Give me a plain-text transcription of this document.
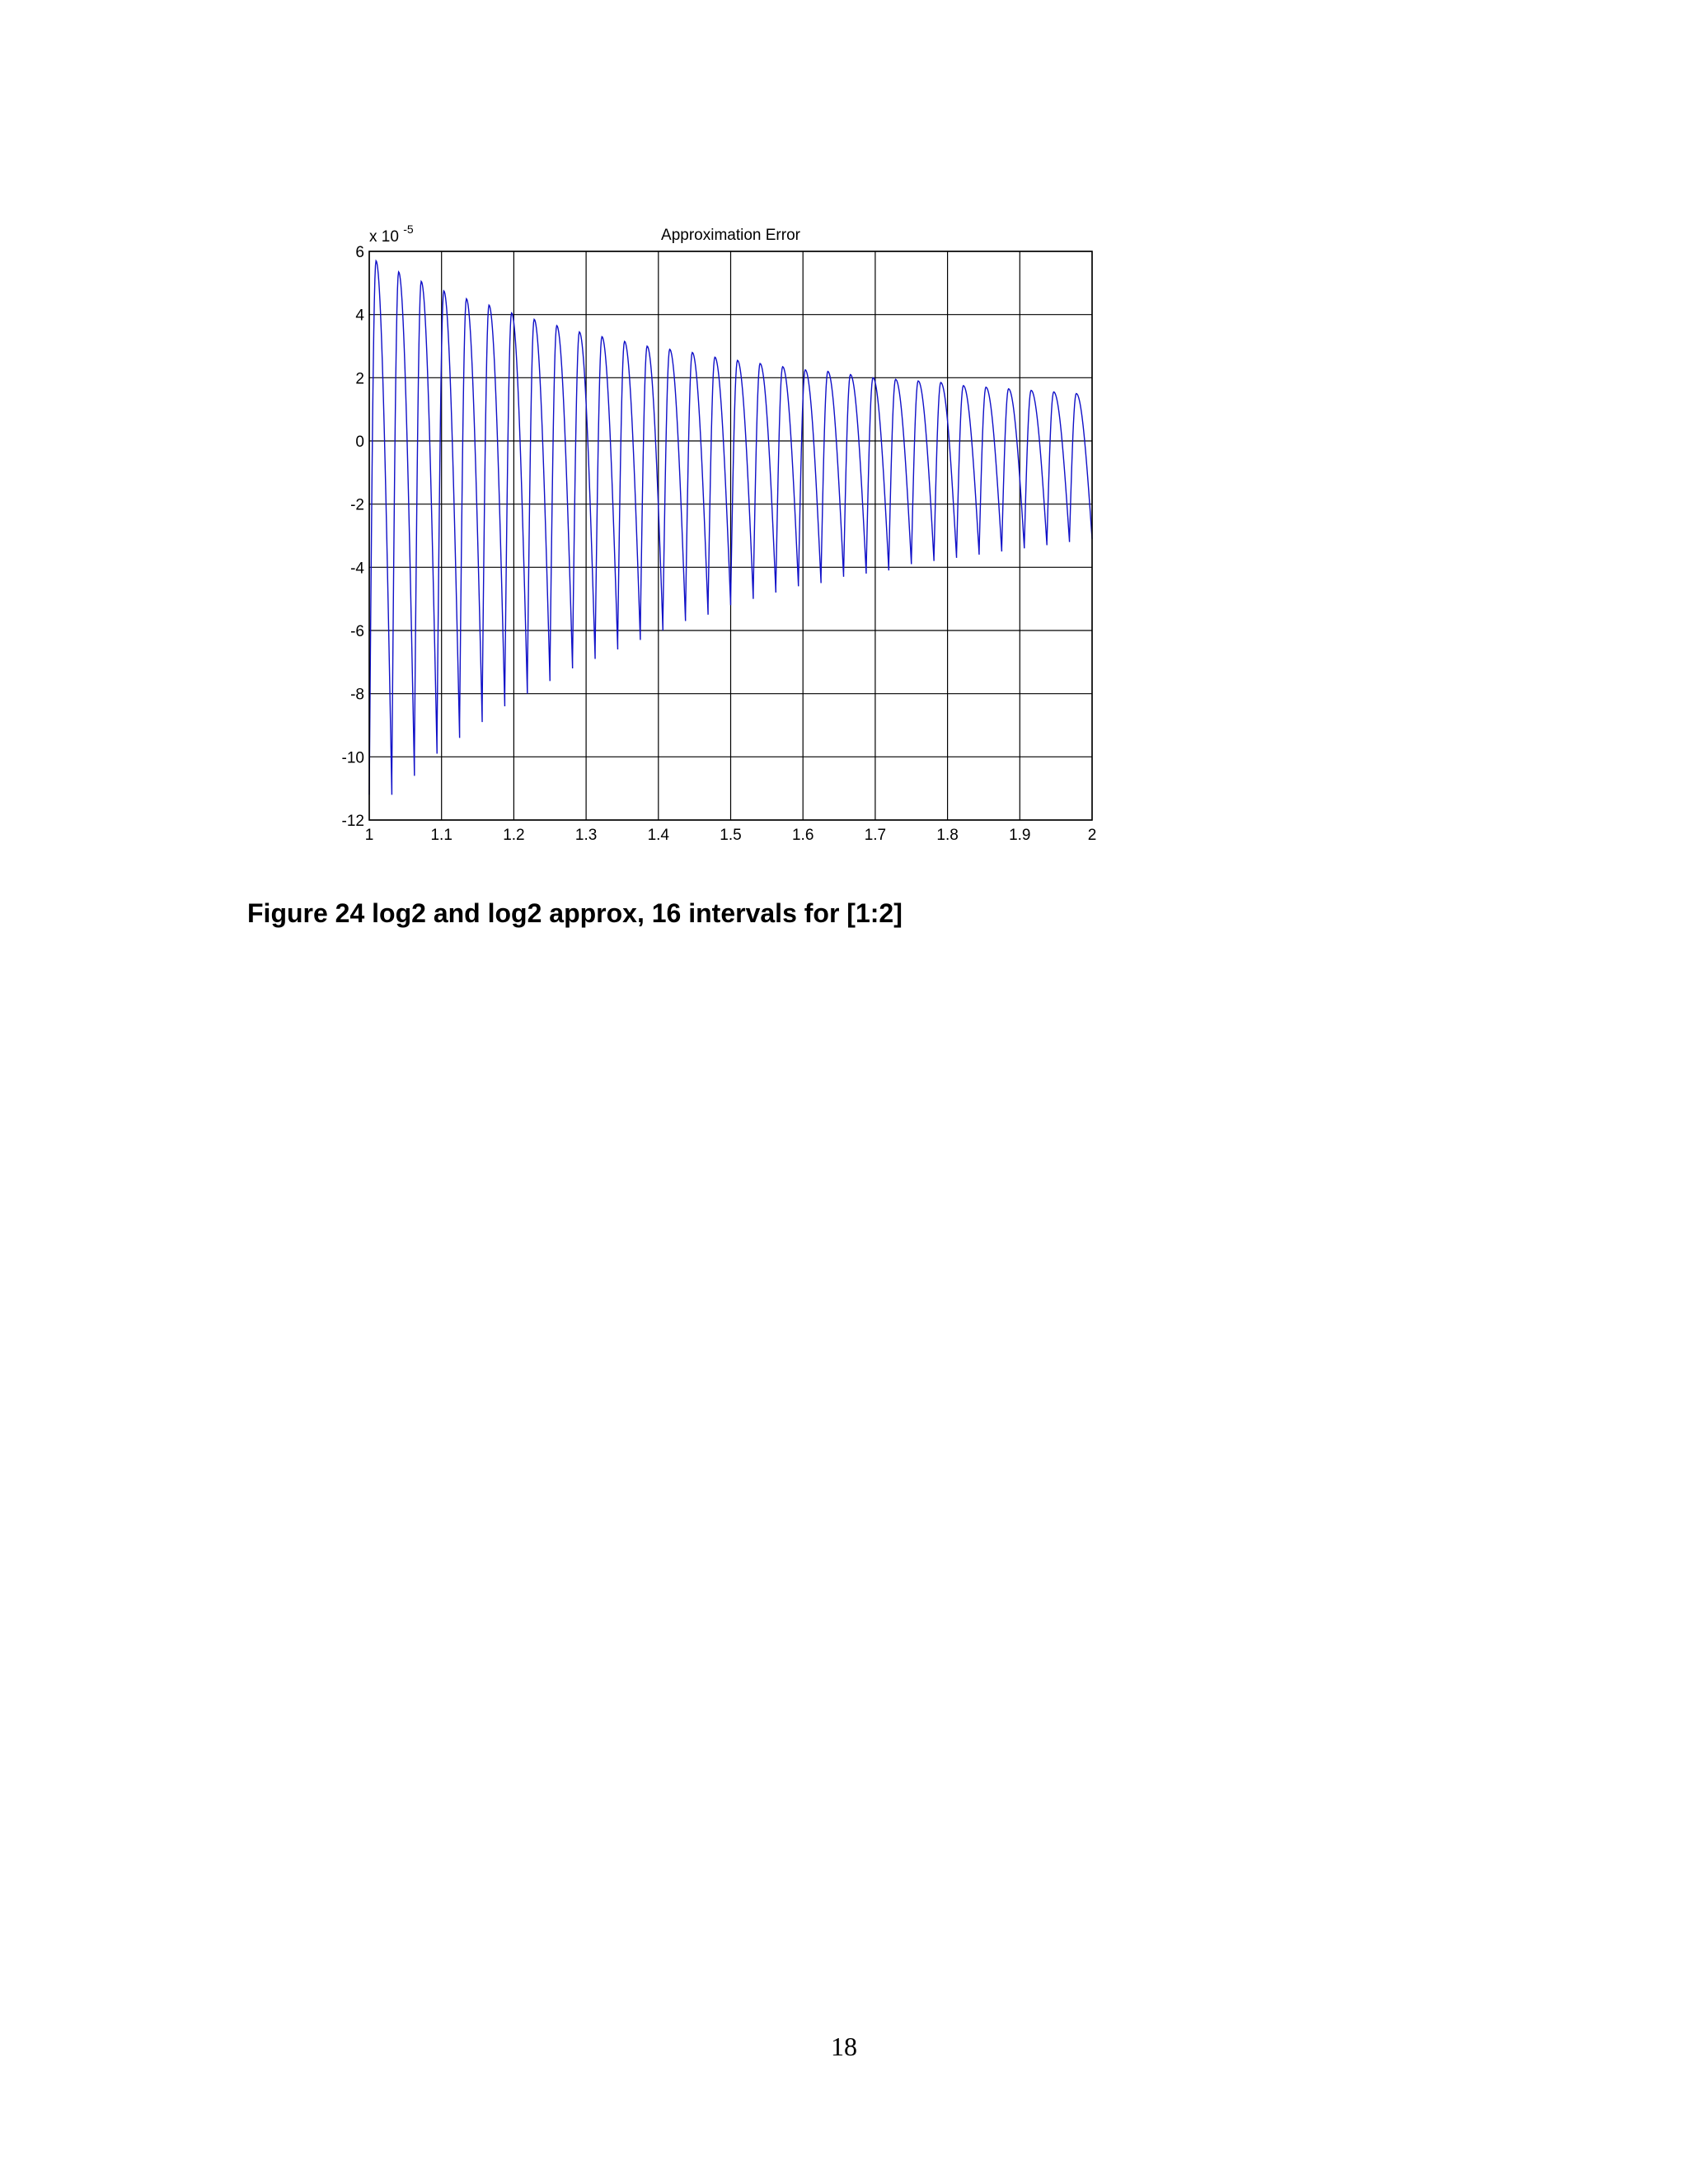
1	1.1	1.2	1.3	1.4	1.5	1.6	1.7	1.8	1.9	2
6
4
2
0
-2
-4
-6
-8
-10
-12
Approximation Error
x 10 $^{-5}$
Figure 24 log2 and log2 approx, 16 intervals for [1:2]
18
